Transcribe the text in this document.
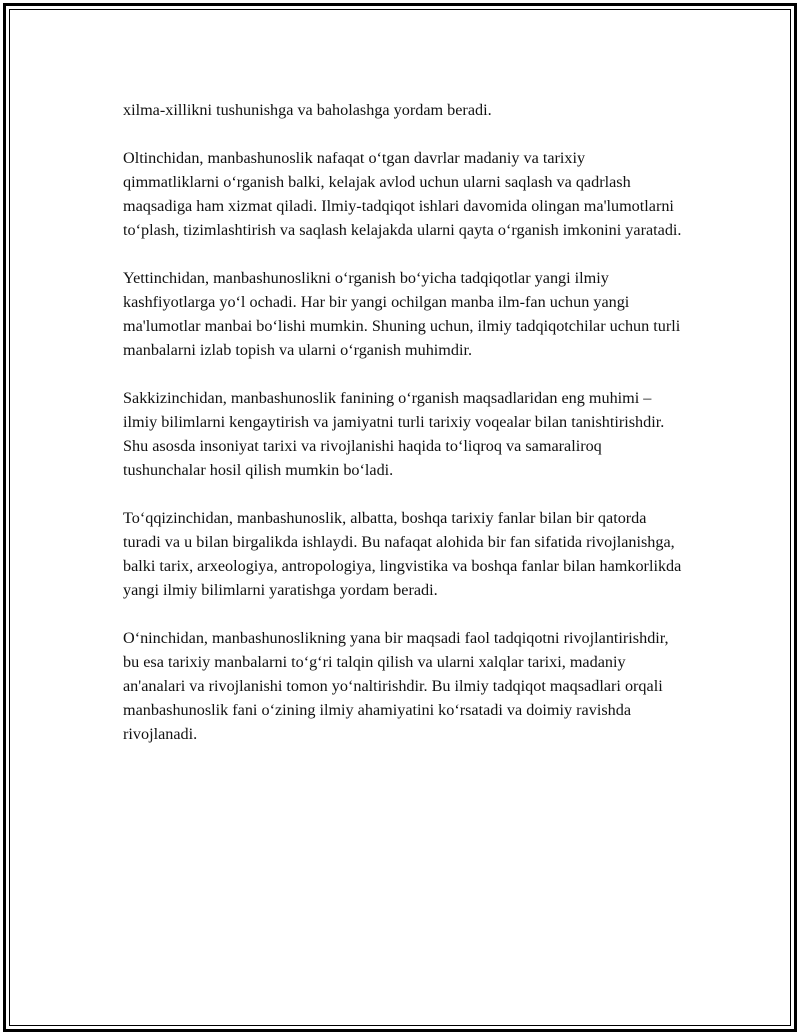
xilma-xillikni tushunishga va baholashga yordam beradi.

Oltinchidan, manbashunoslik nafaqat o‘tgan davrlar madaniy va tarixiy qimmatliklarni o‘rganish balki, kelajak avlod uchun ularni saqlash va qadrlash maqsadiga ham xizmat qiladi. Ilmiy-tadqiqot ishlari davomida olingan ma'lumotlarni to‘plash, tizimlashtirish va saqlash kelajakda ularni qayta o‘rganish imkonini yaratadi.

Yettinchidan, manbashunoslikni o‘rganish bo‘yicha tadqiqotlar yangi ilmiy kashfiyotlarga yo‘l ochadi. Har bir yangi ochilgan manba ilm-fan uchun yangi ma'lumotlar manbai bo‘lishi mumkin. Shuning uchun, ilmiy tadqiqotchilar uchun turli manbalarni izlab topish va ularni o‘rganish muhimdir.

Sakkizinchidan, manbashunoslik fanining o‘rganish maqsadlaridan eng muhimi – ilmiy bilimlarni kengaytirish va jamiyatni turli tarixiy voqealar bilan tanishtirishdir. Shu asosda insoniyat tarixi va rivojlanishi haqida to‘liqroq va samaraliroq tushunchalar hosil qilish mumkin bo‘ladi.

To‘qqizinchidan, manbashunoslik, albatta, boshqa tarixiy fanlar bilan bir qatorda turadi va u bilan birgalikda ishlaydi. Bu nafaqat alohida bir fan sifatida rivojlanishga, balki tarix, arxeologiya, antropologiya, lingvistika va boshqa fanlar bilan hamkorlikda yangi ilmiy bilimlarni yaratishga yordam beradi.

O‘ninchidan, manbashunoslikning yana bir maqsadi faol tadqiqotni rivojlantirishdir, bu esa tarixiy manbalarni to‘g‘ri talqin qilish va ularni xalqlar tarixi, madaniy an'analari va rivojlanishi tomon yo‘naltirishdir. Bu ilmiy tadqiqot maqsadlari orqali manbashunoslik fani o‘zining ilmiy ahamiyatini ko‘rsatadi va doimiy ravishda rivojlanadi.
